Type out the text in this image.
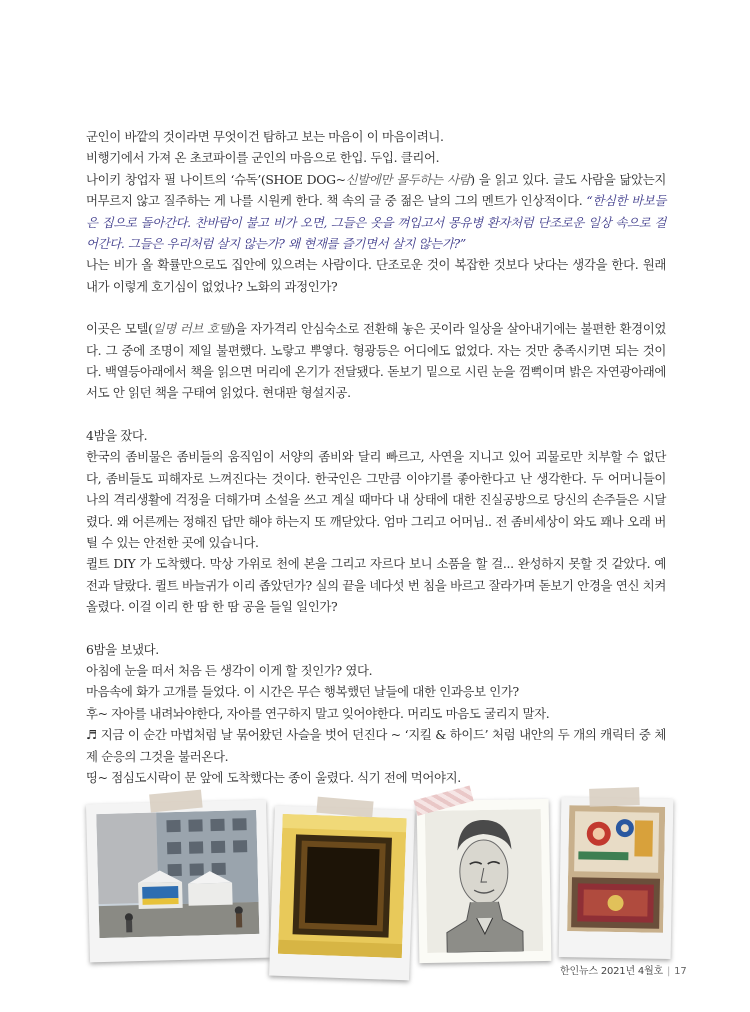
군인이 바깥의 것이라면 무엇이건 탐하고 보는 마음이 이 마음이려니.

비행기에서 가져 온 초코파이를 군인의 마음으로 한입. 두입. 클리어.

나이키 창업자 필 나이트의 ‘슈독’(SHOE DOG~신발에만 몰두하는 사람) 을 읽고 있다. 글도 사람을 닮았는지 머무르지 않고 질주하는 게 나를 시원케 한다. 책 속의 글 중 젊은 날의 그의 멘트가 인상적이다. “한심한 바보들은 집으로 돌아간다. 찬바람이 불고 비가 오면, 그들은 옷을 껴입고서 몽유병 환자처럼 단조로운 일상 속으로 걸어간다. 그들은 우리처럼 살지 않는가? 왜 현재를 즐기면서 살지 않는가?”

나는 비가 올 확률만으로도 집안에 있으려는 사람이다. 단조로운 것이 복잡한 것보다 낫다는 생각을 한다. 원래 내가 이렇게 호기심이 없었나? 노화의 과정인가?

이곳은 모텔(일명 러브 호텔)을 자가격리 안심숙소로 전환해 놓은 곳이라 일상을 살아내기에는 불편한 환경이었다. 그 중에 조명이 제일 불편했다. 노랗고 뿌옇다. 형광등은 어디에도 없었다. 자는 것만 충족시키면 되는 것이다. 백열등아래에서 책을 읽으면 머리에 온기가 전달됐다. 돋보기 밑으로 시린 눈을 껌뻑이며 밝은 자연광아래에서도 안 읽던 책을 구태여 읽었다. 현대판 형설지공.

4밤을 잤다.

한국의 좀비물은 좀비들의 움직임이 서양의 좀비와 달리 빠르고, 사연을 지니고 있어 괴물로만 치부할 수 없단다, 좀비들도 피해자로 느껴진다는 것이다. 한국인은 그만큼 이야기를 좋아한다고 난 생각한다. 두 어머니들이 나의 격리생활에 걱정을 더해가며 소설을 쓰고 계실 때마다 내 상태에 대한 진실공방으로 당신의 손주들은 시달렸다. 왜 어른께는 정해진 답만 해야 하는지 또 깨닫았다. 엄마 그리고 어머님.. 전 좀비세상이 와도 꽤나 오래 버틸 수 있는 안전한 곳에 있습니다.

퀼트 DIY 가 도착했다. 막상 가위로 천에 본을 그리고 자르다 보니 소품을 할 걸... 완성하지 못할 것 같았다. 예전과 달랐다. 퀼트 바늘귀가 이리 좁았던가? 실의 끝을 네다섯 번 침을 바르고 잘라가며 돋보기 안경을 연신 치켜 올렸다. 이걸 이리 한 땀 한 땀 공을 들일 일인가?

6밤을 보냈다.

아침에 눈을 떠서 처음 든 생각이 이게 할 짓인가? 였다.

마음속에 화가 고개를 들었다. 이 시간은 무슨 행복했던 날들에 대한 인과응보 인가?

후~ 자아를 내려놔야한다, 자아를 연구하지 말고 잊어야한다. 머리도 마음도 굴리지 말자.

♬ 지금 이 순간 마법처럼 날 묶어왔던 사슬을 벗어 던진다 ~ ‘지킬 & 하이드’ 처럼 내안의 두 개의 캐릭터 중 체제 순응의 그것을 불러온다.

띵~ 점심도시락이 문 앞에 도착했다는 종이 울렸다. 식기 전에 먹어야지.

한인뉴스 2021년 4월호 | 17
